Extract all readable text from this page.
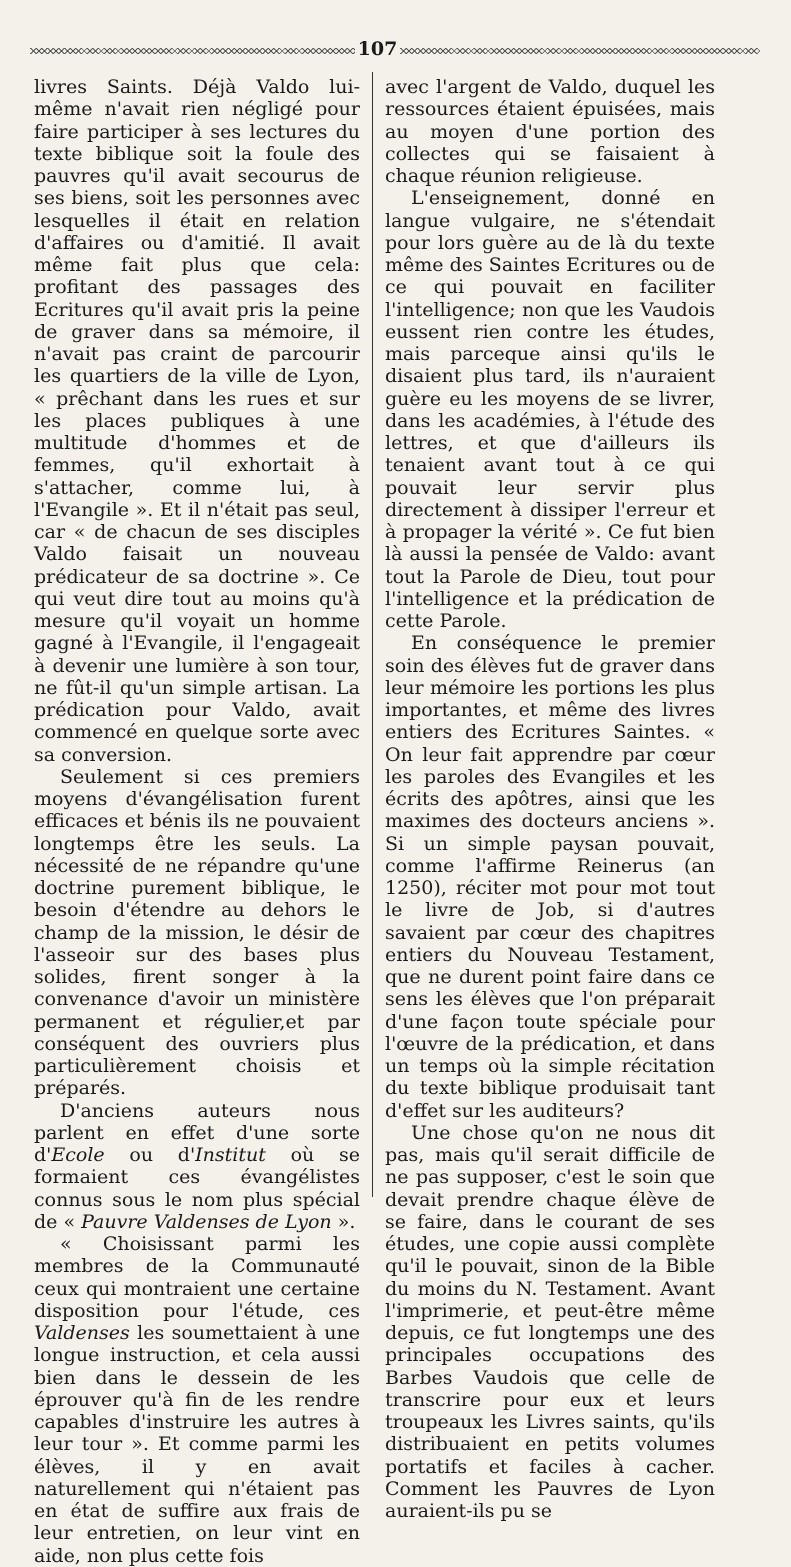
107

livres Saints. Déjà Valdo lui-même n'avait rien négligé pour faire participer à ses lectures du texte biblique soit la foule des pauvres qu'il avait secourus de ses biens, soit les personnes avec lesquelles il était en relation d'affaires ou d'amitié. Il avait même fait plus que cela: profitant des passages des Ecritures qu'il avait pris la peine de graver dans sa mémoire, il n'avait pas craint de parcourir les quartiers de la ville de Lyon, « prêchant dans les rues et sur les places publiques à une multitude d'hommes et de femmes, qu'il exhortait à s'attacher, comme lui, à l'Evangile ». Et il n'était pas seul, car « de chacun de ses disciples Valdo faisait un nouveau prédicateur de sa doctrine ». Ce qui veut dire tout au moins qu'à mesure qu'il voyait un homme gagné à l'Evangile, il l'engageait à devenir une lumière à son tour, ne fût-il qu'un simple artisan. La prédication pour Valdo, avait commencé en quelque sorte avec sa conversion.

Seulement si ces premiers moyens d'évangélisation furent efficaces et bénis ils ne pouvaient longtemps être les seuls. La nécessité de ne répandre qu'une doctrine purement biblique, le besoin d'étendre au dehors le champ de la mission, le désir de l'asseoir sur des bases plus solides, firent songer à la convenance d'avoir un ministère permanent et régulier,et par conséquent des ouvriers plus particulièrement choisis et préparés.

D'anciens auteurs nous parlent en effet d'une sorte d'Ecole ou d'Institut où se formaient ces évangélistes connus sous le nom plus spécial de « Pauvre Valdenses de Lyon ».

« Choisissant parmi les membres de la Communauté ceux qui montraient une certaine disposition pour l'étude, ces Valdenses les soumettaient à une longue instruction, et cela aussi bien dans le dessein de les éprouver qu'à fin de les rendre capables d'instruire les autres à leur tour ». Et comme parmi les élèves, il y en avait naturellement qui n'étaient pas en état de suffire aux frais de leur entretien, on leur vint en aide, non plus cette fois

avec l'argent de Valdo, duquel les ressources étaient épuisées, mais au moyen d'une portion des collectes qui se faisaient à chaque réunion religieuse.

L'enseignement, donné en langue vulgaire, ne s'étendait pour lors guère au de là du texte même des Saintes Ecritures ou de ce qui pouvait en faciliter l'intelligence; non que les Vaudois eussent rien contre les études, mais parceque ainsi qu'ils le disaient plus tard, ils n'auraient guère eu les moyens de se livrer, dans les académies, à l'étude des lettres, et que d'ailleurs ils tenaient avant tout à ce qui pouvait leur servir plus directement à dissiper l'erreur et à propager la vérité ». Ce fut bien là aussi la pensée de Valdo: avant tout la Parole de Dieu, tout pour l'intelligence et la prédication de cette Parole.

En conséquence le premier soin des élèves fut de graver dans leur mémoire les portions les plus importantes, et même des livres entiers des Ecritures Saintes. « On leur fait apprendre par cœur les paroles des Evangiles et les écrits des apôtres, ainsi que les maximes des docteurs anciens ». Si un simple paysan pouvait, comme l'affirme Reinerus (an 1250), réciter mot pour mot tout le livre de Job, si d'autres savaient par cœur des chapitres entiers du Nouveau Testament, que ne durent point faire dans ce sens les élèves que l'on préparait d'une façon toute spéciale pour l'œuvre de la prédication, et dans un temps où la simple récitation du texte biblique produisait tant d'effet sur les auditeurs?

Une chose qu'on ne nous dit pas, mais qu'il serait difficile de ne pas supposer, c'est le soin que devait prendre chaque élève de se faire, dans le courant de ses études, une copie aussi complète qu'il le pouvait, sinon de la Bible du moins du N. Testament. Avant l'imprimerie, et peut-être même depuis, ce fut longtemps une des principales occupations des Barbes Vaudois que celle de transcrire pour eux et leurs troupeaux les Livres saints, qu'ils distribuaient en petits volumes portatifs et faciles à cacher. Comment les Pauvres de Lyon auraient-ils pu se
